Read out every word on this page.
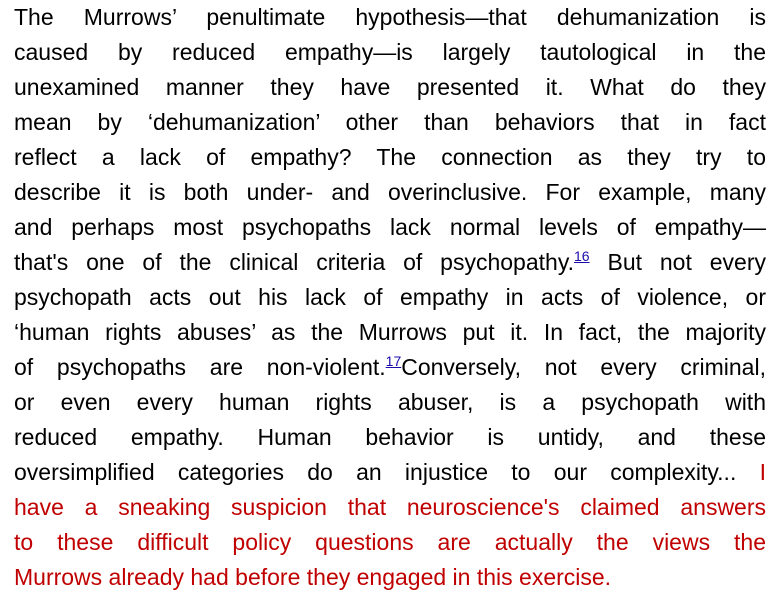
The Murrows’ penultimate hypothesis—that dehumanization is
caused by reduced empathy—is largely tautological in the
unexamined manner they have presented it. What do they
mean by ‘dehumanization’ other than behaviors that in fact
reflect a lack of empathy? The connection as they try to
describe it is both under- and overinclusive. For example, many
and perhaps most psychopaths lack normal levels of empathy—
that's one of the clinical criteria of psychopathy.$^{16}$ But not every
psychopath acts out his lack of empathy in acts of violence, or
‘human rights abuses’ as the Murrows put it. In fact, the majority
of psychopaths are non-violent.$^{17}$Conversely, not every criminal,
or even every human rights abuser, is a psychopath with
reduced empathy. Human behavior is untidy, and these
oversimplified categories do an injustice to our complexity... I
have a sneaking suspicion that neuroscience's claimed answers
to these difficult policy questions are actually the views the
Murrows already had before they engaged in this exercise.
